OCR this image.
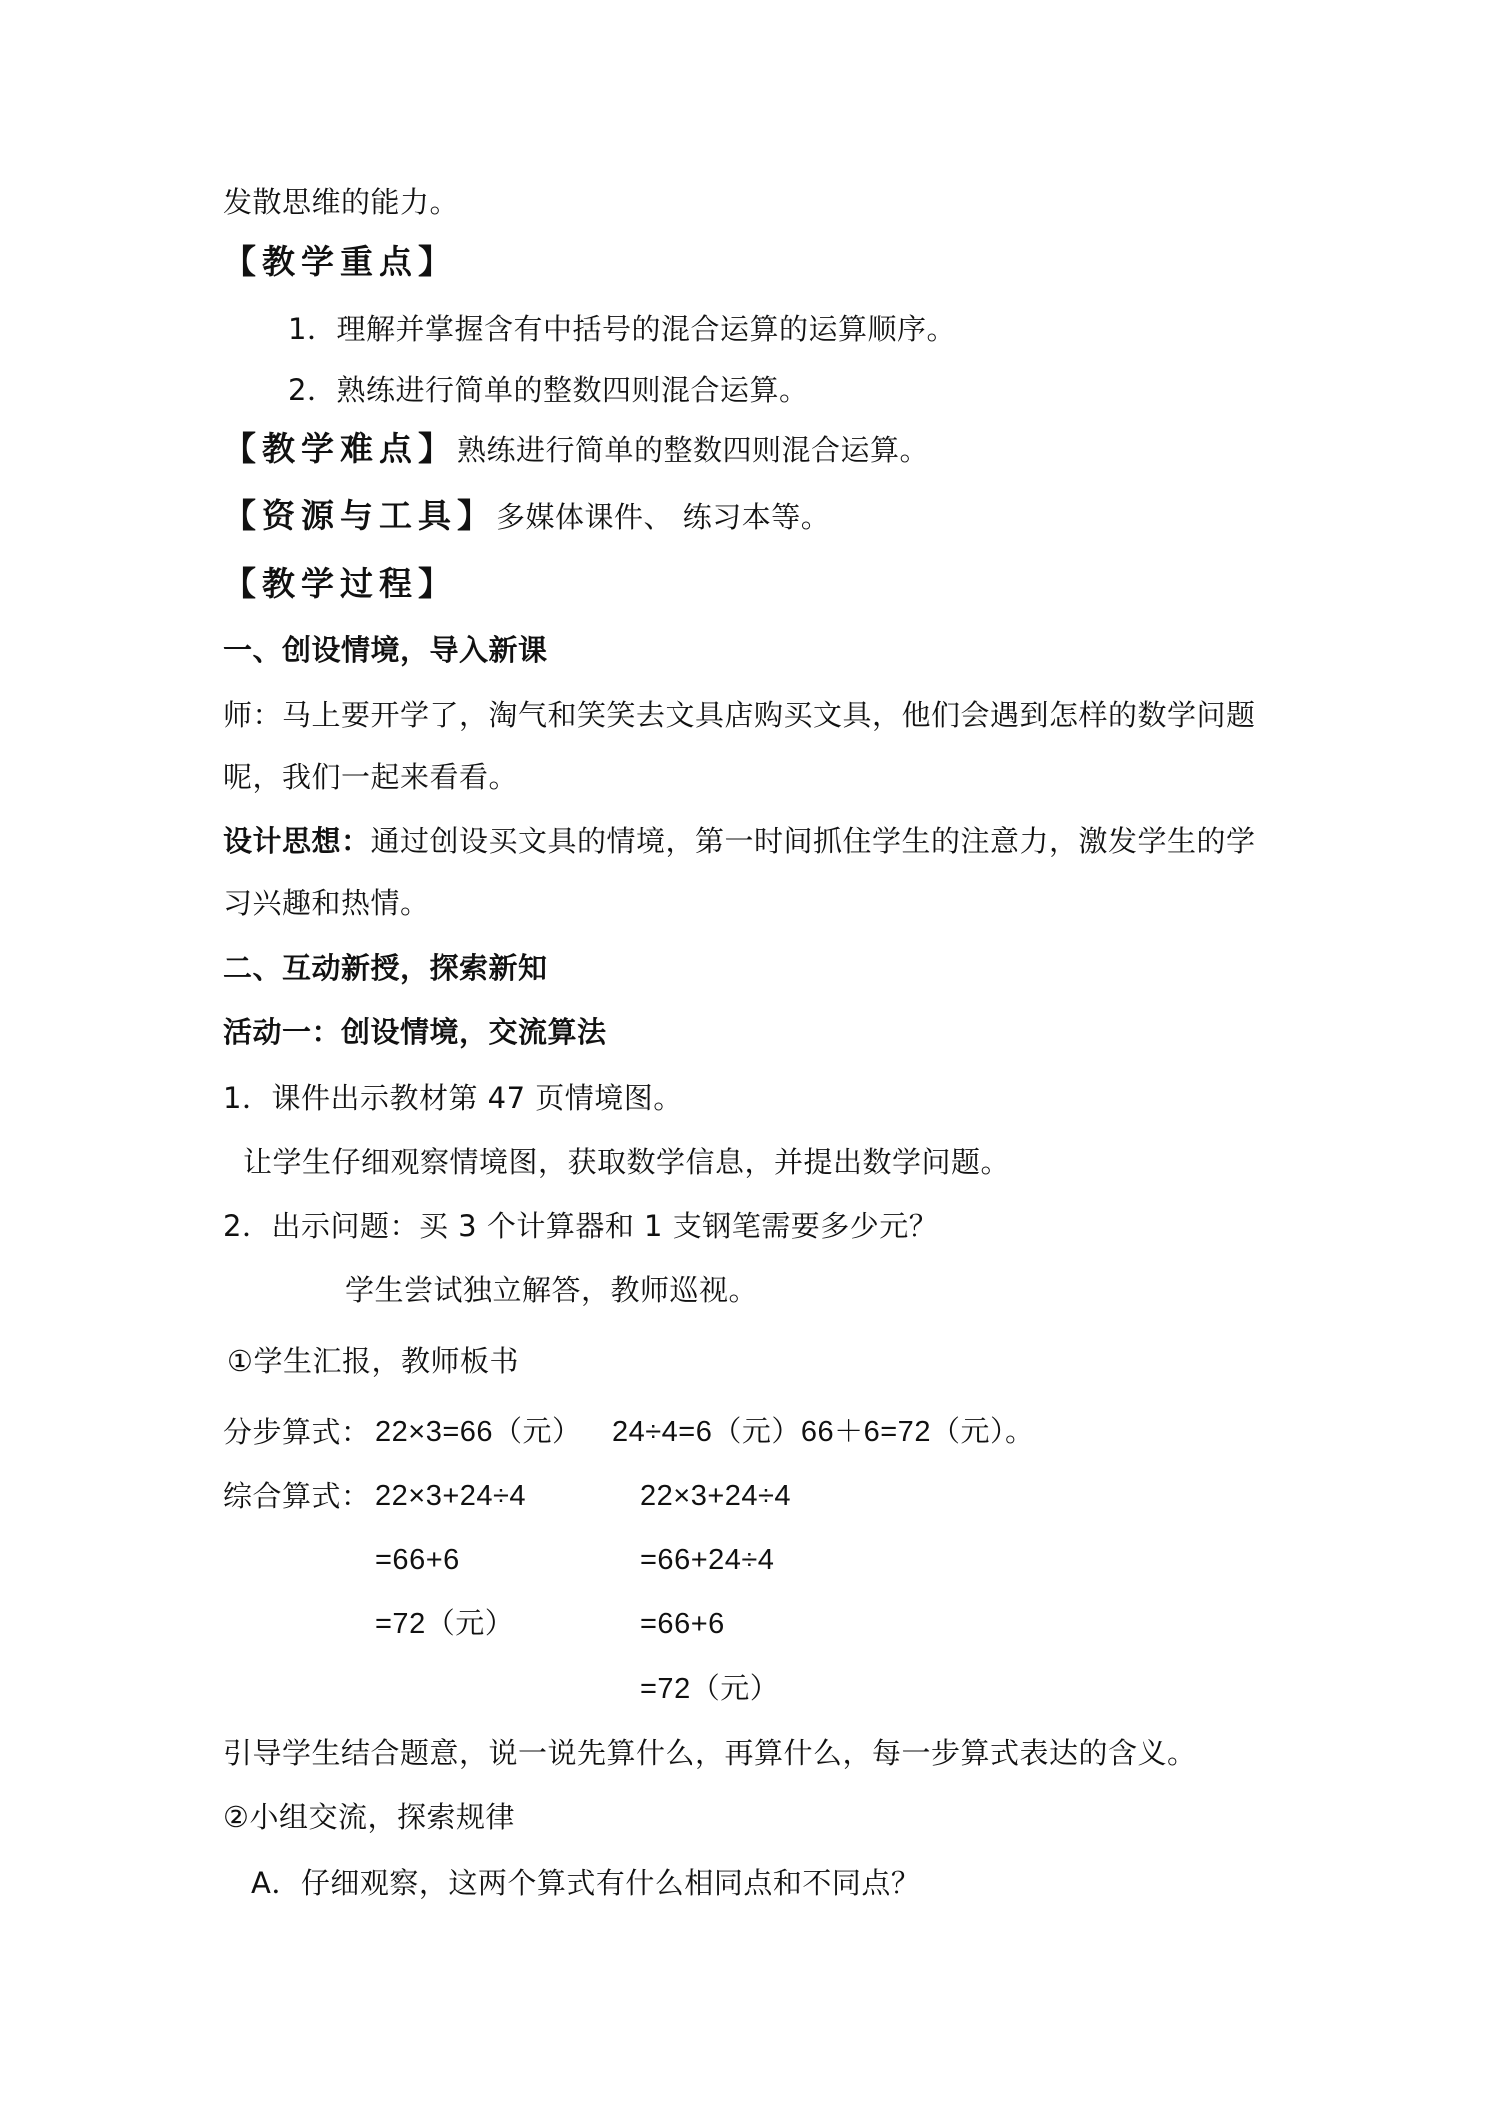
发散思维的能力。
【教学重点】
1．理解并掌握含有中括号的混合运算的运算顺序。
2．熟练进行简单的整数四则混合运算。
【教学难点】熟练进行简单的整数四则混合运算。
【资源与工具】多媒体课件、 练习本等。
【教学过程】
一、创设情境，导入新课
师：马上要开学了，淘气和笑笑去文具店购买文具，他们会遇到怎样的数学问题
呢，我们一起来看看。
设计思想：通过创设买文具的情境，第一时间抓住学生的注意力，激发学生的学
习兴趣和热情。
二、互动新授，探索新知
活动一：创设情境，交流算法
1．课件出示教材第 47 页情境图。
让学生仔细观察情境图，获取数学信息，并提出数学问题。
2．出示问题：买 3 个计算器和 1 支钢笔需要多少元？
学生尝试独立解答，教师巡视。
①学生汇报，教师板书
分步算式： 22×3=66（元） 24÷4=6（元）66＋6=72（元）。
综合算式： 22×3+24÷4
=66+6
=72（元）
22×3+24÷4
=66+24÷4
=66+6
=72（元）
引导学生结合题意，说一说先算什么，再算什么，每一步算式表达的含义。
②小组交流，探索规律
A．仔细观察，这两个算式有什么相同点和不同点？
